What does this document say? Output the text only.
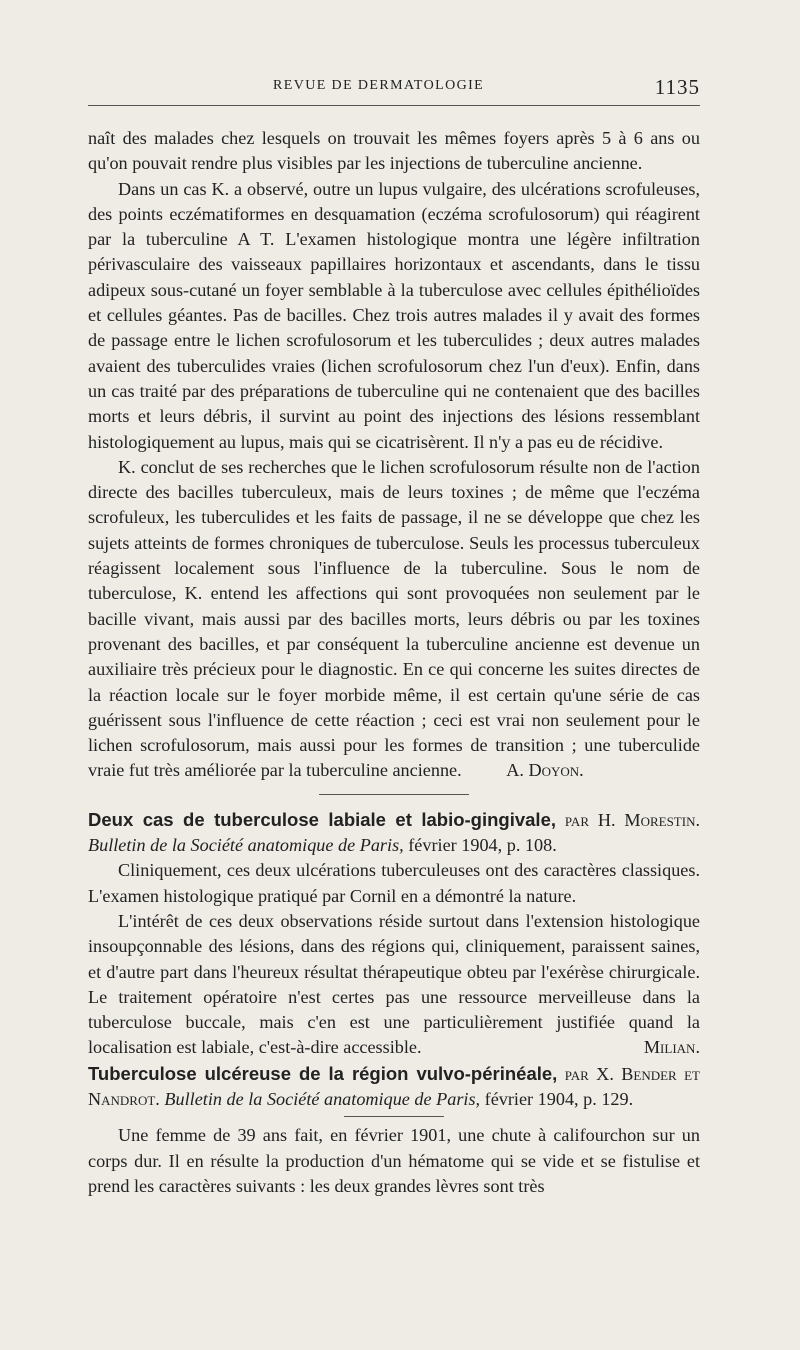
REVUE DE DERMATOLOGIE	1135

naît des malades chez lesquels on trouvait les mêmes foyers après 5 à 6 ans ou qu'on pouvait rendre plus visibles par les injections de tuberculine ancienne.

Dans un cas K. a observé, outre un lupus vulgaire, des ulcérations scrofuleuses, des points eczématiformes en desquamation (eczéma scrofulosorum) qui réagirent par la tuberculine A T. L'examen histologique montra une légère infiltration périvasculaire des vaisseaux papillaires horizontaux et ascendants, dans le tissu adipeux sous-cutané un foyer semblable à la tuberculose avec cellules épithélioïdes et cellules géantes. Pas de bacilles. Chez trois autres malades il y avait des formes de passage entre le lichen scrofulosorum et les tuberculides ; deux autres malades avaient des tuberculides vraies (lichen scrofulosorum chez l'un d'eux). Enfin, dans un cas traité par des préparations de tuberculine qui ne contenaient que des bacilles morts et leurs débris, il survint au point des injections des lésions ressemblant histologiquement au lupus, mais qui se cicatrisèrent. Il n'y a pas eu de récidive.

K. conclut de ses recherches que le lichen scrofulosorum résulte non de l'action directe des bacilles tuberculeux, mais de leurs toxines ; de même que l'eczéma scrofuleux, les tuberculides et les faits de passage, il ne se développe que chez les sujets atteints de formes chroniques de tuberculose. Seuls les processus tuberculeux réagissent localement sous l'influence de la tuberculine. Sous le nom de tuberculose, K. entend les affections qui sont provoquées non seulement par le bacille vivant, mais aussi par des bacilles morts, leurs débris ou par les toxines provenant des bacilles, et par conséquent la tuberculine ancienne est devenue un auxiliaire très précieux pour le diagnostic. En ce qui concerne les suites directes de la réaction locale sur le foyer morbide même, il est certain qu'une série de cas guérissent sous l'influence de cette réaction ; ceci est vrai non seulement pour le lichen scrofulosorum, mais aussi pour les formes de transition ; une tuberculide vraie fut très améliorée par la tuberculine ancienne. A. Doyon.

Deux cas de tuberculose labiale et labio-gingivale, par H. Morestin. Bulletin de la Société anatomique de Paris, février 1904, p. 108.

Cliniquement, ces deux ulcérations tuberculeuses ont des caractères classiques. L'examen histologique pratiqué par Cornil en a démontré la nature.

L'intérêt de ces deux observations réside surtout dans l'extension histologique insoupçonnable des lésions, dans des régions qui, cliniquement, paraissent saines, et d'autre part dans l'heureux résultat thérapeutique obteu par l'exérèse chirurgicale. Le traitement opératoire n'est certes pas une ressource merveilleuse dans la tuberculose buccale, mais c'en est une particulièrement justifiée quand la localisation est labiale, c'est-à-dire accessible.	Milian.

Tuberculose ulcéreuse de la région vulvo-périnéale, par X. Bender et Nandrot. Bulletin de la Société anatomique de Paris, février 1904, p. 129.

Une femme de 39 ans fait, en février 1901, une chute à califourchon sur un corps dur. Il en résulte la production d'un hématome qui se vide et se fistulise et prend les caractères suivants : les deux grandes lèvres sont très
